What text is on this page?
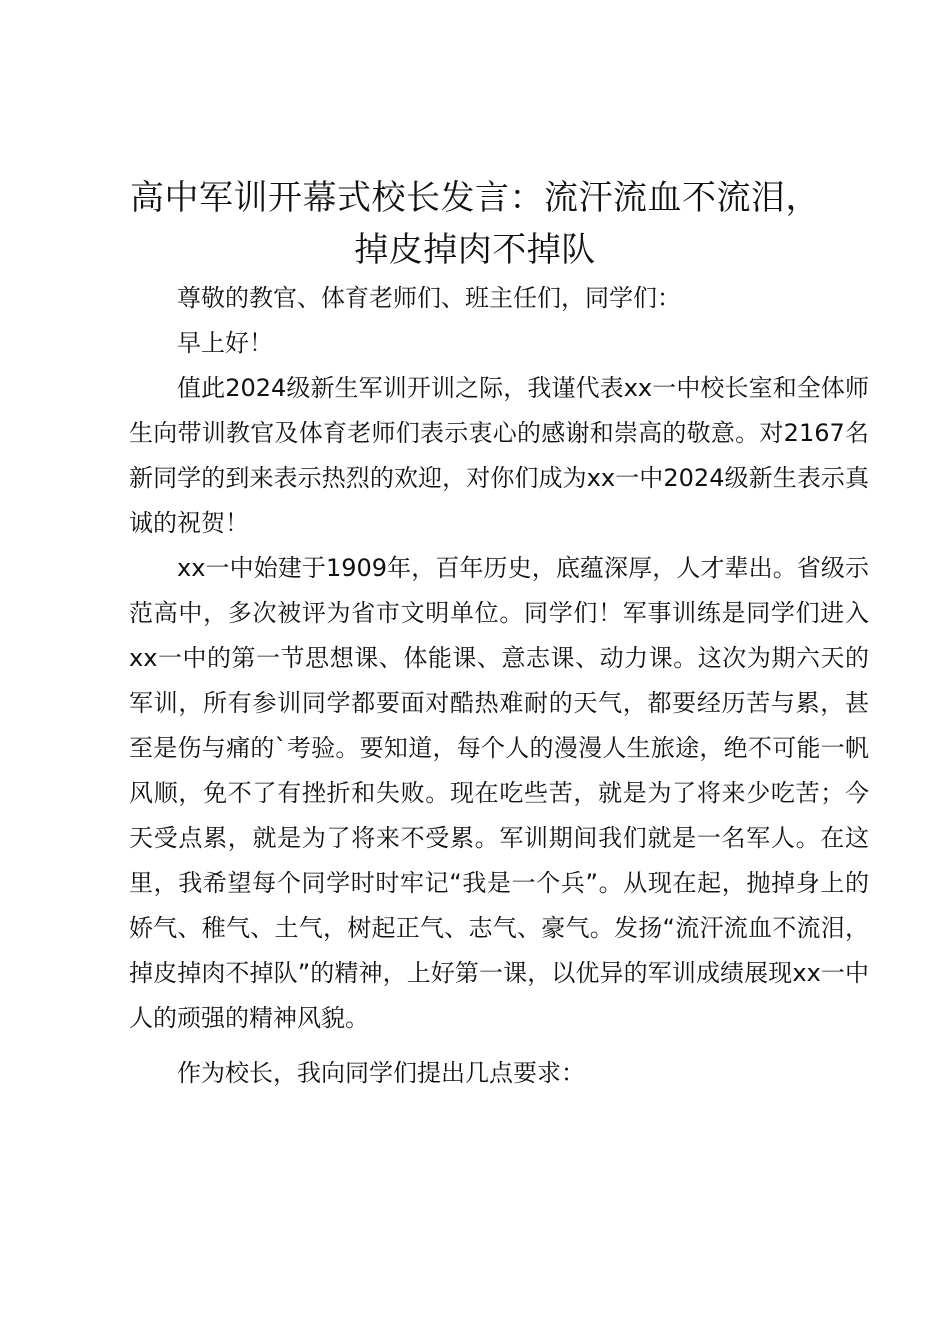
高中军训开幕式校长发言：流汗流血不流泪，
掉皮掉肉不掉队

尊敬的教官、体育老师们、班主任们，同学们：

早上好！

值此2024级新生军训开训之际，我谨代表xx一中校长室和全体师生向带训教官及体育老师们表示衷心的感谢和崇高的敬意。对2167名新同学的到来表示热烈的欢迎，对你们成为xx一中2024级新生表示真诚的祝贺！

xx一中始建于1909年，百年历史，底蕴深厚，人才辈出。省级示范高中，多次被评为省市文明单位。同学们！军事训练是同学们进入xx一中的第一节思想课、体能课、意志课、动力课。这次为期六天的军训，所有参训同学都要面对酷热难耐的天气，都要经历苦与累，甚至是伤与痛的`考验。要知道，每个人的漫漫人生旅途，绝不可能一帆风顺，免不了有挫折和失败。现在吃些苦，就是为了将来少吃苦；今天受点累，就是为了将来不受累。军训期间我们就是一名军人。在这里，我希望每个同学时时牢记“我是一个兵”。从现在起，抛掉身上的娇气、稚气、土气，树起正气、志气、豪气。发扬“流汗流血不流泪，掉皮掉肉不掉队”的精神，上好第一课，以优异的军训成绩展现xx一中人的顽强的精神风貌。

作为校长，我向同学们提出几点要求：
